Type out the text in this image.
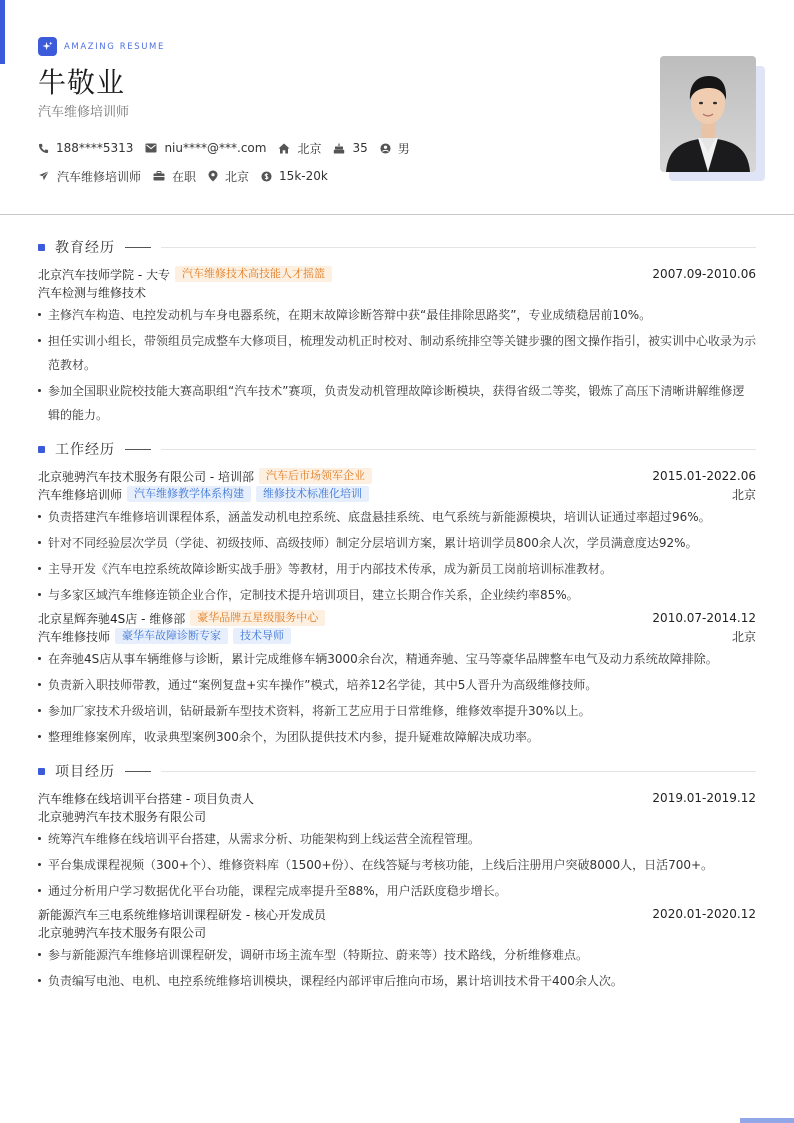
AMAZING RESUME
牛敬业
汽车维修培训师
188****5313	niu****@***.com	北京	35	男
汽车维修培训师	在职 北京	15k-20k
教育经历
北京汽车技师学院 - 大专	汽车维修技术高技能人才摇篮	2007.09-2010.06
汽车检测与维修技术
主修汽车构造、电控发动机与车身电器系统，在期末故障诊断答辩中获“最佳排除思路奖”，专业成绩稳居前10%。
担任实训小组长，带领组员完成整车大修项目，梳理发动机正时校对、制动系统排空等关键步骤的图文操作指引，被实训中心收录为示范教材。
参加全国职业院校技能大赛高职组“汽车技术”赛项，负责发动机管理故障诊断模块，获得省级二等奖，锻炼了高压下清晰讲解维修逻辑的能力。
工作经历
北京驰骋汽车技术服务有限公司 - 培训部	汽车后市场领军企业	2015.01-2022.06
汽车维修培训师	汽车维修教学体系构建	维修技术标准化培训	北京
负责搭建汽车维修培训课程体系，涵盖发动机电控系统、底盘悬挂系统、电气系统与新能源模块，培训认证通过率超过96%。
针对不同经验层次学员（学徒、初级技师、高级技师）制定分层培训方案，累计培训学员800余人次，学员满意度达92%。
主导开发《汽车电控系统故障诊断实战手册》等教材，用于内部技术传承，成为新员工岗前培训标准教材。
与多家区域汽车维修连锁企业合作，定制技术提升培训项目，建立长期合作关系，企业续约率85%。
北京星辉奔驰4S店 - 维修部	豪华品牌五星级服务中心	2010.07-2014.12
汽车维修技师	豪华车故障诊断专家	技术导师	北京
在奔驰4S店从事车辆维修与诊断，累计完成维修车辆3000余台次，精通奔驰、宝马等豪华品牌整车电气及动力系统故障排除。
负责新入职技师带教，通过“案例复盘+实车操作”模式，培养12名学徒，其中5人晋升为高级维修技师。
参加厂家技术升级培训，钻研最新车型技术资料，将新工艺应用于日常维修，维修效率提升30%以上。
整理维修案例库，收录典型案例300余个，为团队提供技术内参，提升疑难故障解决成功率。
项目经历
汽车维修在线培训平台搭建 - 项目负责人	2019.01-2019.12
北京驰骋汽车技术服务有限公司
统筹汽车维修在线培训平台搭建，从需求分析、功能架构到上线运营全流程管理。
平台集成课程视频（300+个）、维修资料库（1500+份）、在线答疑与考核功能，上线后注册用户突破8000人，日活700+。
通过分析用户学习数据优化平台功能，课程完成率提升至88%，用户活跃度稳步增长。
新能源汽车三电系统维修培训课程研发 - 核心开发成员	2020.01-2020.12
北京驰骋汽车技术服务有限公司
参与新能源汽车维修培训课程研发，调研市场主流车型（特斯拉、蔚来等）技术路线，分析维修难点。
负责编写电池、电机、电控系统维修培训模块，课程经内部评审后推向市场，累计培训技术骨干400余人次。
